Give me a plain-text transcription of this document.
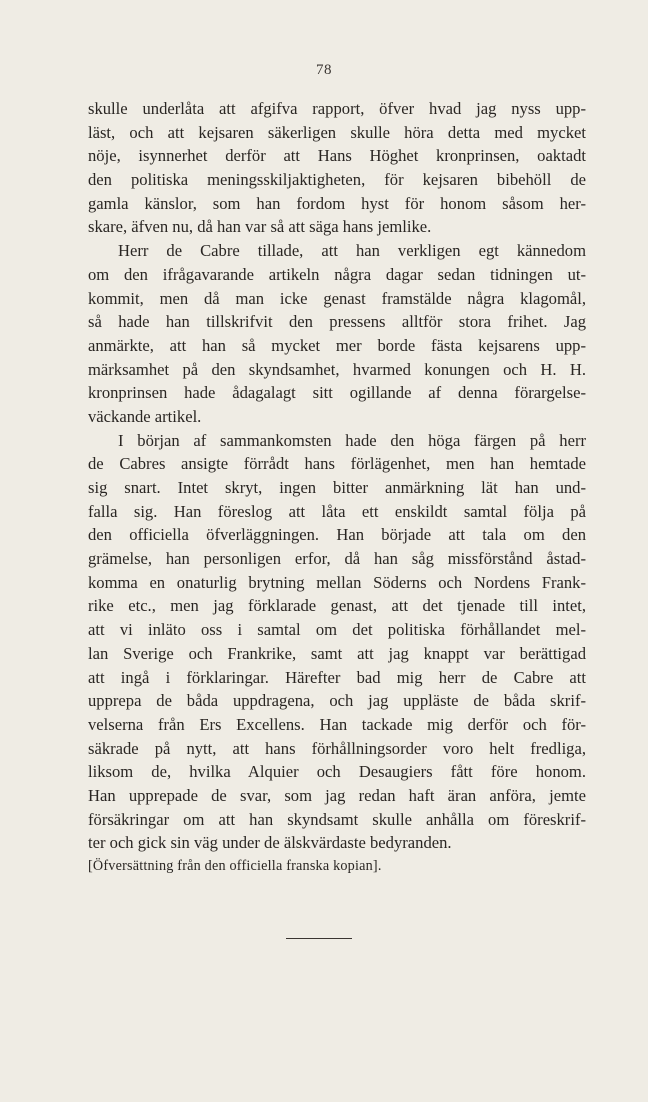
78
skulle underlåta att afgifva rapport, öfver hvad jag nyss upp-
läst, och att kejsaren säkerligen skulle höra detta med mycket
nöje, isynnerhet derför att Hans Höghet kronprinsen, oaktadt
den politiska meningsskiljaktigheten, för kejsaren bibehöll de
gamla känslor, som han fordom hyst för honom såsom her-
skare, äfven nu, då han var så att säga hans jemlike.
Herr de Cabre tillade, att han verkligen egt kännedom
om den ifrågavarande artikeln några dagar sedan tidningen ut-
kommit, men då man icke genast framstälde några klagomål,
så hade han tillskrifvit den pressens alltför stora frihet. Jag
anmärkte, att han så mycket mer borde fästa kejsarens upp-
märksamhet på den skyndsamhet, hvarmed konungen och H. H.
kronprinsen hade ådagalagt sitt ogillande af denna förargelse-
väckande artikel.
I början af sammankomsten hade den höga färgen på herr
de Cabres ansigte förrådt hans förlägenhet, men han hemtade
sig snart. Intet skryt, ingen bitter anmärkning lät han und-
falla sig. Han föreslog att låta ett enskildt samtal följa på
den officiella öfverläggningen. Han började att tala om den
grämelse, han personligen erfor, då han såg missförstånd åstad-
komma en onaturlig brytning mellan Söderns och Nordens Frank-
rike etc., men jag förklarade genast, att det tjenade till intet,
att vi inläto oss i samtal om det politiska förhållandet mel-
lan Sverige och Frankrike, samt att jag knappt var berättigad
att ingå i förklaringar. Härefter bad mig herr de Cabre att
upprepa de båda uppdragena, och jag uppläste de båda skrif-
velserna från Ers Excellens. Han tackade mig derför och för-
säkrade på nytt, att hans förhållningsorder voro helt fredliga,
liksom de, hvilka Alquier och Desaugiers fått före honom.
Han upprepade de svar, som jag redan haft äran anföra, jemte
försäkringar om att han skyndsamt skulle anhålla om föreskrif-
ter och gick sin väg under de älskvärdaste bedyranden.
[Öfversättning från den officiella franska kopian].
